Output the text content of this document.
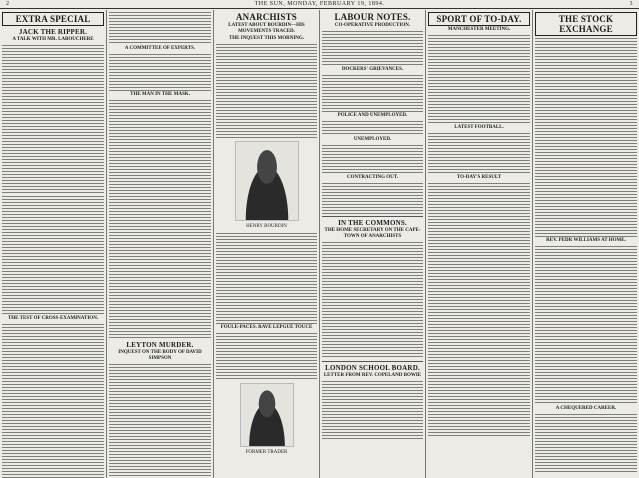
2	THE SUN, MONDAY, FEBRUARY 19, 1894.	3
EXTRA SPECIAL
JACK THE RIPPER.
A TALK WITH MR. LABOUCHERE
THE TEST OF CROSS-EXAMINATION.
A COMMITTEE OF EXPERTS.
THE MAN IN THE MASK.
LEYTON MURDER.
INQUEST ON THE BODY OF DAVID SIMPSON
ANARCHISTS
LATEST ABOUT BOURDIN—HIS MOVEMENTS TRACED.
THE INQUEST THIS MORNING.
HENRY BOURDIN
FOULE-PACES. RAVE LEPGUE TOUCE
FORMER TRADER
LABOUR NOTES.
CO-OPERATIVE PRODUCTION.
DOCKERS' GRIEVANCES.
POLICE AND UNEMPLOYED.
UNEMPLOYED.
CONTRACTING OUT.
IN THE COMMONS.
THE HOME SECRETARY ON THE CAPE- TOWN OF ANARCHISTS
LONDON SCHOOL BOARD.
LETTER FROM REV. COPELAND BOWIE
SPORT OF TO-DAY.
MANCHESTER MEETING.
LATEST FOOTBALL.
TO-DAY'S RESULT
THE STOCK EXCHANGE
REV. PEDR WILLIAMS AT HOME.
A CHEQUERED CAREER.
